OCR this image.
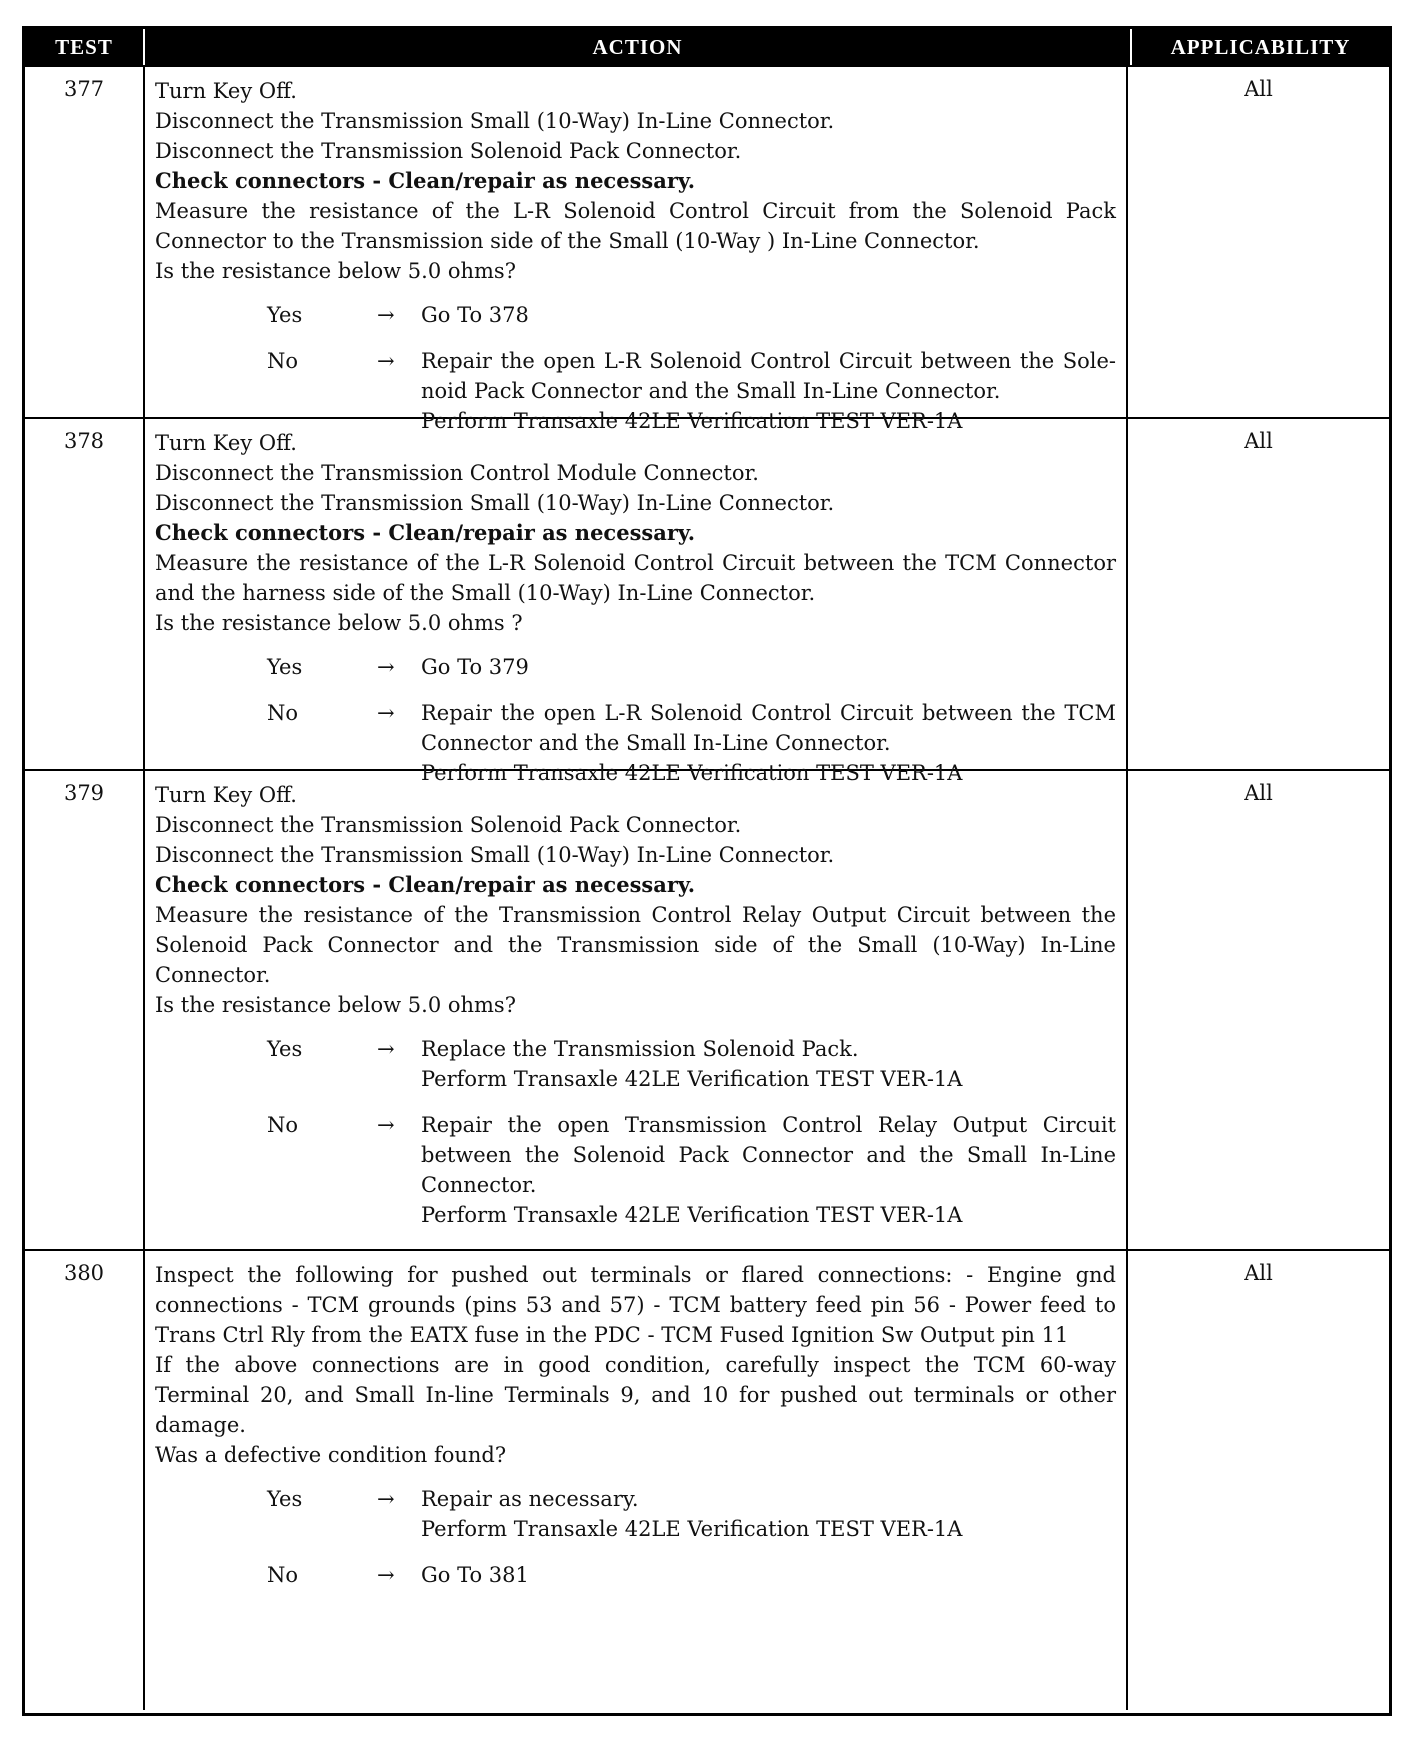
TEST	ACTION	APPLICABILITY
377	Turn Key Off.
Disconnect the Transmission Small (10-Way) In-Line Connector.
Disconnect the Transmission Solenoid Pack Connector.
Check connectors - Clean/repair as necessary.
Measure the resistance of the L-R Solenoid Control Circuit from the Solenoid Pack Connector to the Transmission side of the Small (10-Way ) In-Line Connector.
Is the resistance below 5.0 ohms?
Yes	→	Go To 378
No	→	Repair the open L-R Solenoid Control Circuit between the Sole- noid Pack Connector and the Small In-Line Connector.
Perform Transaxle 42LE Verification TEST VER-1A
All
378	Turn Key Off.
Disconnect the Transmission Control Module Connector.
Disconnect the Transmission Small (10-Way) In-Line Connector.
Check connectors - Clean/repair as necessary.
Measure the resistance of the L-R Solenoid Control Circuit between the TCM Connector and the harness side of the Small (10-Way) In-Line Connector.
Is the resistance below 5.0 ohms ?
Yes	→	Go To 379
No	→	Repair the open L-R Solenoid Control Circuit between the TCM Connector and the Small In-Line Connector.
Perform Transaxle 42LE Verification TEST VER-1A
All
379	Turn Key Off.
Disconnect the Transmission Solenoid Pack Connector.
Disconnect the Transmission Small (10-Way) In-Line Connector.
Check connectors - Clean/repair as necessary.
Measure the resistance of the Transmission Control Relay Output Circuit between the Solenoid Pack Connector and the Transmission side of the Small (10-Way) In-Line Connector.
Is the resistance below 5.0 ohms?
Yes	→	Replace the Transmission Solenoid Pack.
Perform Transaxle 42LE Verification TEST VER-1A
No	→	Repair the open Transmission Control Relay Output Circuit between the Solenoid Pack Connector and the Small In-Line Connector.
Perform Transaxle 42LE Verification TEST VER-1A
All
380	Inspect the following for pushed out terminals or flared connections: - Engine gnd connections - TCM grounds (pins 53 and 57) - TCM battery feed pin 56 - Power feed to Trans Ctrl Rly from the EATX fuse in the PDC - TCM Fused Ignition Sw Output pin 11
If the above connections are in good condition, carefully inspect the TCM 60-way Terminal 20, and Small In-line Terminals 9, and 10 for pushed out terminals or other damage.
Was a defective condition found?
Yes	→	Repair as necessary.
Perform Transaxle 42LE Verification TEST VER-1A
No	→	Go To 381
All
